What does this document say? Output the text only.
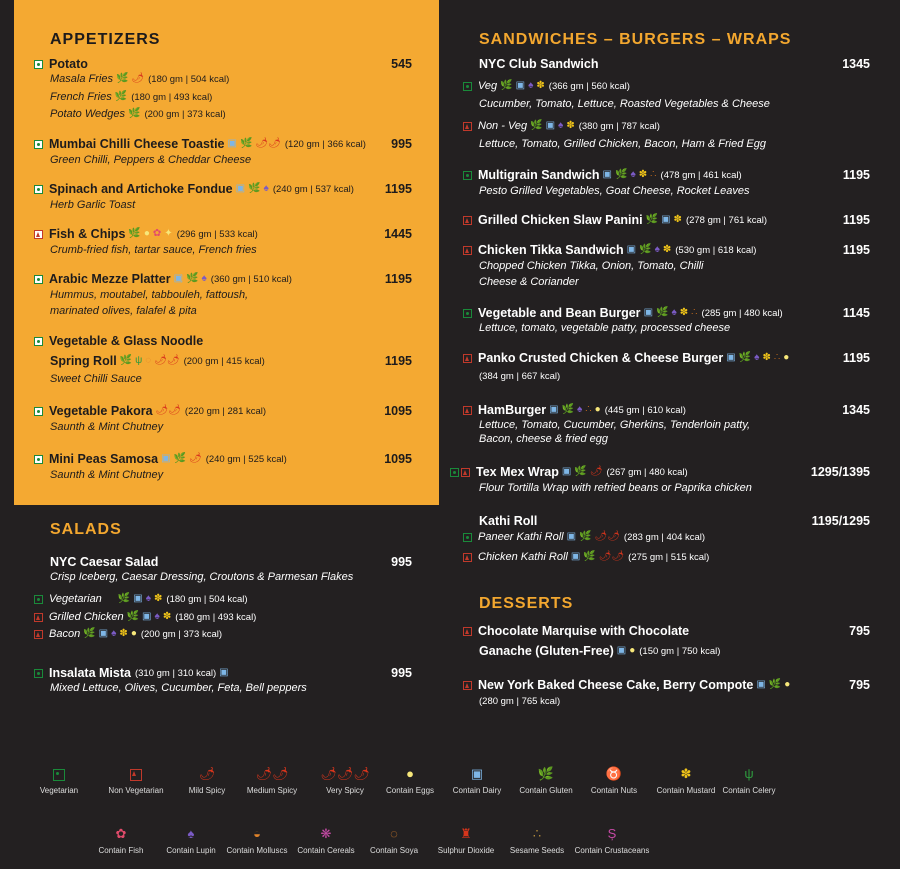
APPETIZERS
Potato	545
Masala Fries 🌿 🌶 (180 gm | 504 kcal)
French Fries 🌿 (180 gm | 493 kcal)
Potato Wedges 🌿 (200 gm | 373 kcal)
Mumbai Chilli Cheese Toastie ▣ 🌿 🌶🌶 (120 gm | 366 kcal)	995
Green Chilli, Peppers & Cheddar Cheese
Spinach and Artichoke Fondue ▣ 🌿 ♠ (240 gm | 537 kcal)	1195
Herb Garlic Toast
Fish & Chips 🌿 ● ✿ ✦ (296 gm | 533 kcal)	1445
Crumb-fried fish, tartar sauce, French fries
Arabic Mezze Platter ▣ 🌿 ♠ (360 gm | 510 kcal)	1195
Hummus, moutabel, tabbouleh, fattoush,
marinated olives, falafel & pita
Vegetable & Glass Noodle
Spring Roll 🌿 ψ ◌ 🌶🌶 (200 gm | 415 kcal)	1195
Sweet Chilli Sauce
Vegetable Pakora 🌶🌶 (220 gm | 281 kcal)	1095
Saunth & Mint Chutney
Mini Peas Samosa ▣ 🌿 🌶 (240 gm | 525 kcal)	1095
Saunth & Mint Chutney
SALADS
NYC Caesar Salad	995
Crisp Iceberg, Caesar Dressing, Croutons & Parmesan Flakes
Vegetarian 🌿 ▣ ♠ ✽ (180 gm | 504 kcal)
Grilled Chicken 🌿 ▣ ♠ ✽ (180 gm | 493 kcal)
Bacon 🌿 ▣ ♠ ✽ ● (200 gm | 373 kcal)
Insalata Mista (310 gm | 310 kcal) ▣	995
Mixed Lettuce, Olives, Cucumber, Feta, Bell peppers
SANDWICHES – BURGERS – WRAPS
NYC Club Sandwich	1345
Veg 🌿 ▣ ♠ ✽ (366 gm | 560 kcal)
Cucumber, Tomato, Lettuce, Roasted Vegetables & Cheese
Non - Veg 🌿 ▣ ♠ ✽ (380 gm | 787 kcal)
Lettuce, Tomato, Grilled Chicken, Bacon, Ham & Fried Egg
Multigrain Sandwich ▣ 🌿 ♠ ✽ ∴ (478 gm | 461 kcal)	1195
Pesto Grilled Vegetables, Goat Cheese, Rocket Leaves
Grilled Chicken Slaw Panini 🌿 ▣ ✽ (278 gm | 761 kcal)	1195
Chicken Tikka Sandwich ▣ 🌿 ♠ ✽ (530 gm | 618 kcal)	1195
Chopped Chicken Tikka, Onion, Tomato, Chilli
Cheese & Coriander
Vegetable and Bean Burger ▣ 🌿 ♠ ✽ ∴ (285 gm | 480 kcal)	1145
Lettuce, tomato, vegetable patty, processed cheese
Panko Crusted Chicken & Cheese Burger ▣ 🌿 ♠ ✽ ∴ ●	1195
(384 gm | 667 kcal)
HamBurger ▣ 🌿 ♠ ∴ ● (445 gm | 610 kcal)	1345
Lettuce, Tomato, Cucumber, Gherkins, Tenderloin patty,
Bacon, cheese & fried egg
Tex Mex Wrap ▣ 🌿 🌶 (267 gm | 480 kcal)	1295/1395
Flour Tortilla Wrap with refried beans or Paprika chicken
Kathi Roll	1195/1295
Paneer Kathi Roll ▣ 🌿 🌶🌶 (283 gm | 404 kcal)
Chicken Kathi Roll ▣ 🌿 🌶🌶 (275 gm | 515 kcal)
DESSERTS
Chocolate Marquise with Chocolate	795
Ganache (Gluten-Free) ▣ ● (150 gm | 750 kcal)
New York Baked Cheese Cake, Berry Compote ▣ 🌿 ●	795
(280 gm | 765 kcal)
Vegetarian	Non Vegetarian
🌶
Mild Spicy
🌶🌶
Medium Spicy
🌶🌶🌶
Very Spicy
●
Contain Eggs
▣
Contain Dairy
🌿
Contain Gluten
♉
Contain Nuts
✽
Contain Mustard
ψ
Contain Celery
✿
Contain Fish
♠
Contain Lupin
◒
Contain Molluscs
❋
Contain Cereals
◌
Contain Soya
♜
Sulphur Dioxide
∴
Sesame Seeds
Ș
Contain Crustaceans
